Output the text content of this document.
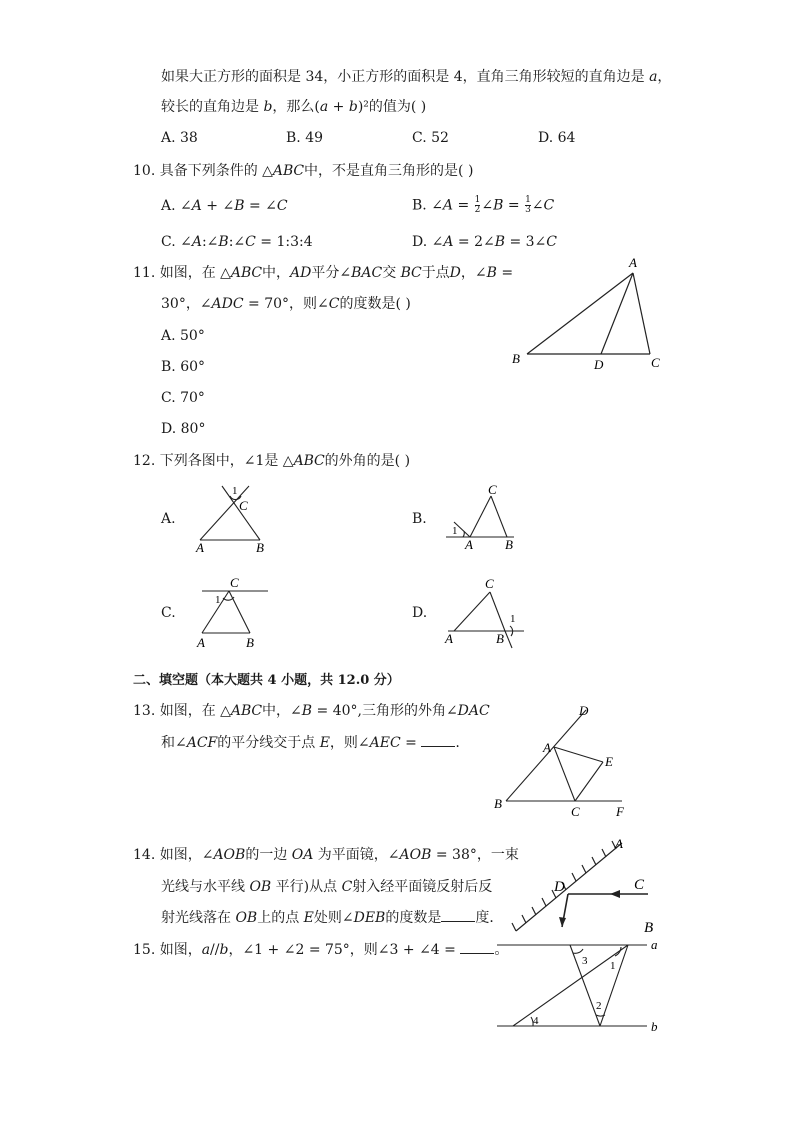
如果大正方形的面积是 34，小正方形的面积是 4，直角三角形较短的直角边是 𝑎，
较长的直角边是 𝑏，那么(𝑎 + 𝑏)²的值为( )
A. 38	B. 49	C. 52	D. 64
10. 具备下列条件的 △𝐴𝐵𝐶中，不是直角三角形的是( )
A. ∠𝐴 + ∠𝐵 = ∠𝐶	B. ∠𝐴 = $\frac{1}{2}$ ∠𝐵 = $\frac{1}{3}$ ∠𝐶
C. ∠𝐴:∠𝐵:∠𝐶 = 1:3:4	D. ∠𝐴 = 2∠𝐵 = 3∠𝐶
11. 如图，在 △𝐴𝐵𝐶中，𝐴𝐷平分∠𝐵𝐴𝐶交 𝐵𝐶于点𝐷，∠𝐵 =
30°，∠𝐴𝐷𝐶 = 70°，则∠𝐶的度数是( )
A. 50°
B. 60°
C. 70°
D. 80°
A
B	D	C
12. 下列各图中，∠1是 △𝐴𝐵𝐶的外角的是( )
A.
1
C
A	B
B.
C
1
A B
C.
C
1
A	B
D.
C
1
A	B
二、填空题（本大题共 4 小题，共 12.0 分）
13. 如图，在 △𝐴𝐵𝐶中，∠𝐵 = 40°,三角形的外角∠𝐷𝐴𝐶
和∠𝐴𝐶𝐹的平分线交于点 𝐸，则∠𝐴𝐸𝐶 =	.
D
A
E
B
C	F
14. 如图，∠𝐴𝑂𝐵的一边 𝑂𝐴 为平面镜，∠𝐴𝑂𝐵 = 38°，一束
光线与水平线 𝑂𝐵 平行)从点 𝐶射入经平面镜反射后反
射光线落在 𝑂𝐵上的点 𝐸处则∠𝐷𝐸𝐵的度数是 度．
A
C
D
B
15. 如图，𝑎//𝑏，∠1 + ∠2 = 75°，则∠3 + ∠4 =	。	a
b
3 1
2
4
